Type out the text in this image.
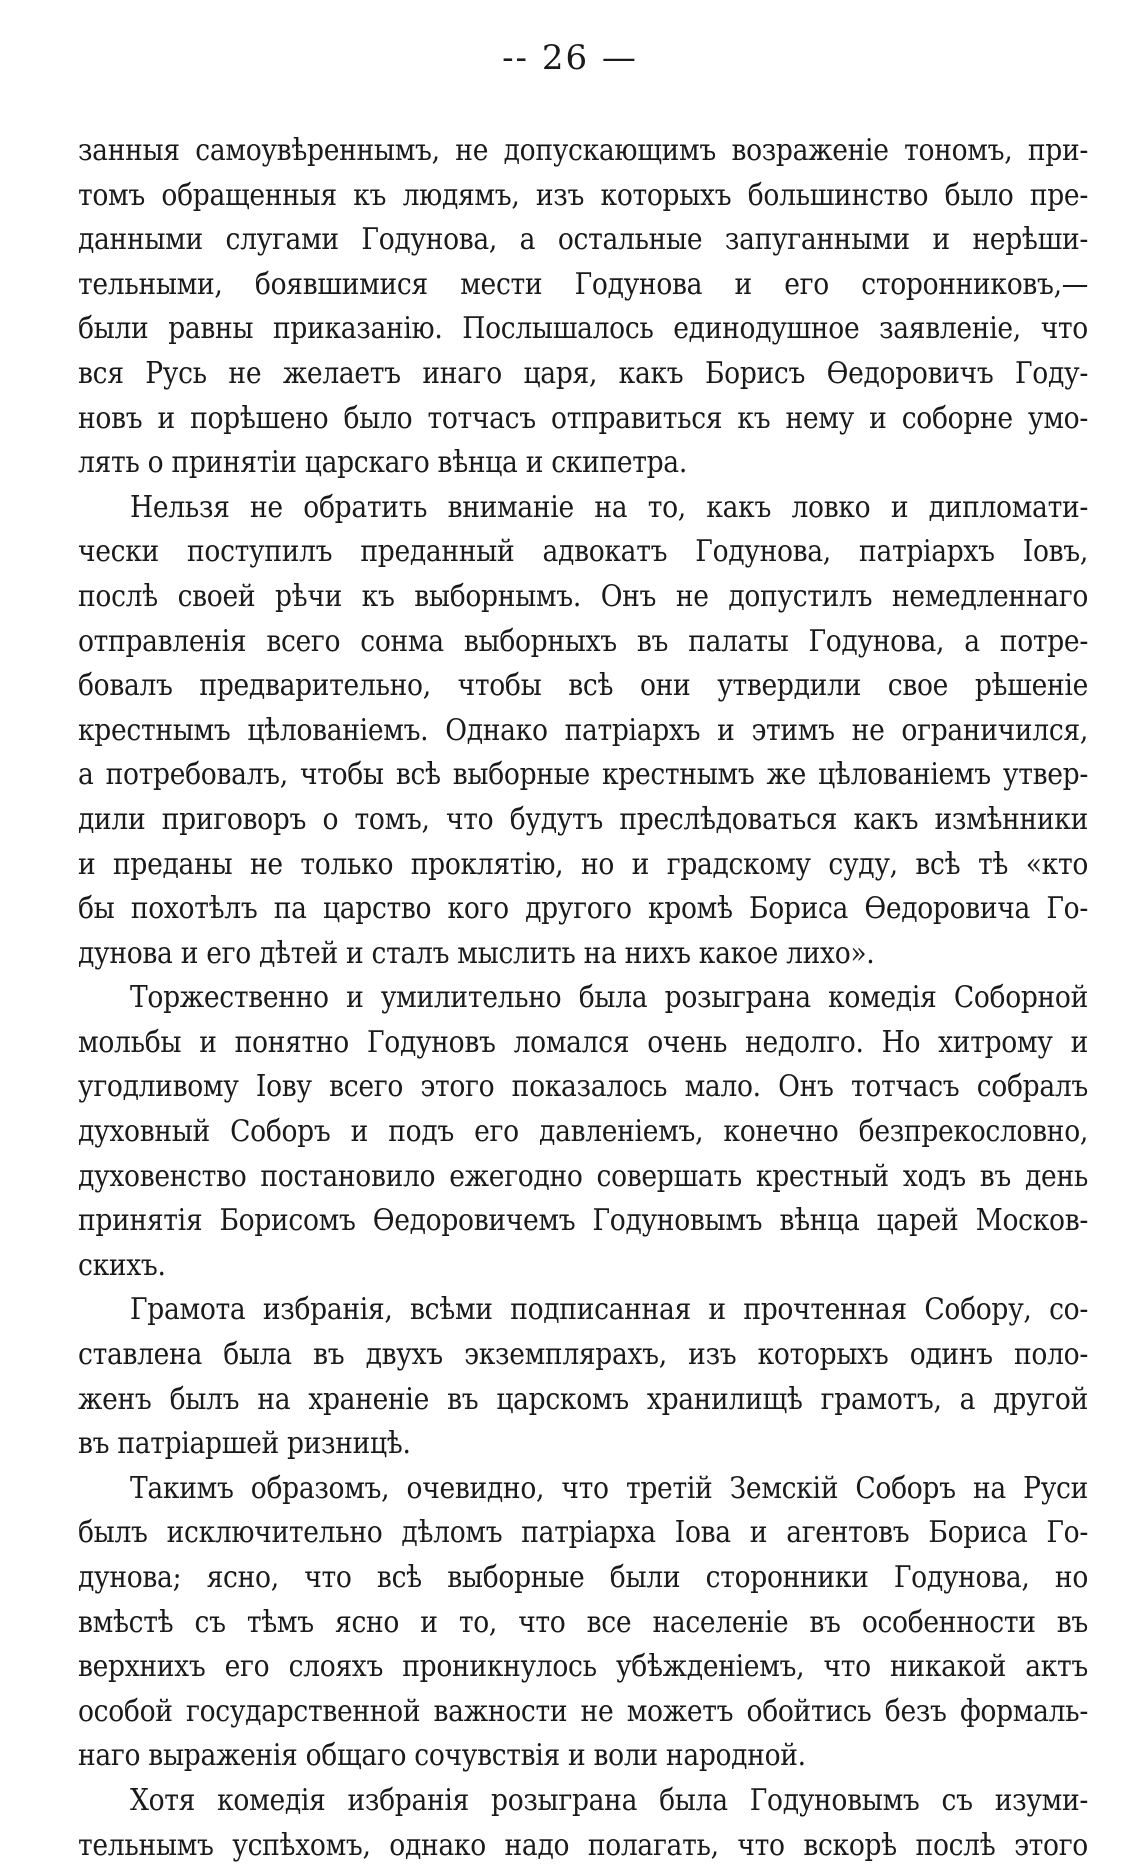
-- 26 —
занныя самоувѣреннымъ, не допускающимъ возраженіе тономъ, при-
томъ обращенныя къ людямъ, изъ которыхъ большинство было пре-
данными слугами Годунова, а остальные запуганными и нерѣши-
тельными, боявшимися мести Годунова и его сторонниковъ,—
были равны приказанію. Послышалось единодушное заявленіе, что
вся Русь не желаетъ инаго царя, какъ Борисъ Ѳедоровичъ Году-
новъ и порѣшено было тотчасъ отправиться къ нему и соборне умо-
лять о принятіи царскаго вѣнца и скипетра.
Нельзя не обратить вниманіе на то, какъ ловко и дипломати-
чески поступилъ преданный адвокатъ Годунова, патріархъ Іовъ,
послѣ своей рѣчи къ выборнымъ. Онъ не допустилъ немедленнаго
отправленія всего сонма выборныхъ въ палаты Годунова, а потре-
бовалъ предварительно, чтобы всѣ они утвердили свое рѣшеніе
крестнымъ цѣлованіемъ. Однако патріархъ и этимъ не ограничился,
а потребовалъ, чтобы всѣ выборные крестнымъ же цѣлованіемъ утвер-
дили приговоръ о томъ, что будутъ преслѣдоваться какъ измѣнники
и преданы не только проклятію, но и градскому суду, всѣ тѣ «кто
бы похотѣлъ па царство кого другого кромѣ Бориса Ѳедоровича Го-
дунова и его дѣтей и сталъ мыслить на нихъ какое лихо».
Торжественно и умилительно была розыграна комедія Соборной
мольбы и понятно Годуновъ ломался очень недолго. Но хитрому и
угодливому Іову всего этого показалось мало. Онъ тотчасъ собралъ
духовный Соборъ и подъ его давленіемъ, конечно безпрекословно,
духовенство постановило ежегодно совершать крестный ходъ въ день
принятія Борисомъ Ѳедоровичемъ Годуновымъ вѣнца царей Москов-
скихъ.
Грамота избранія, всѣми подписанная и прочтенная Собору, со-
ставлена была въ двухъ экземплярахъ, изъ которыхъ одинъ поло-
женъ былъ на храненіе въ царскомъ хранилищѣ грамотъ, а другой
въ патріаршей ризницѣ.
Такимъ образомъ, очевидно, что третій Земскій Соборъ на Руси
былъ исключительно дѣломъ патріарха Іова и агентовъ Бориса Го-
дунова; ясно, что всѣ выборные были сторонники Годунова, но
вмѣстѣ съ тѣмъ ясно и то, что все населеніе въ особенности въ
верхнихъ его слояхъ проникнулось убѣжденіемъ, что никакой актъ
особой государственной важности не можетъ обойтись безъ формаль-
наго выраженія общаго сочувствія и воли народной.
Хотя комедія избранія розыграна была Годуновымъ съ изуми-
тельнымъ успѣхомъ, однако надо полагать, что вскорѣ послѣ этого
